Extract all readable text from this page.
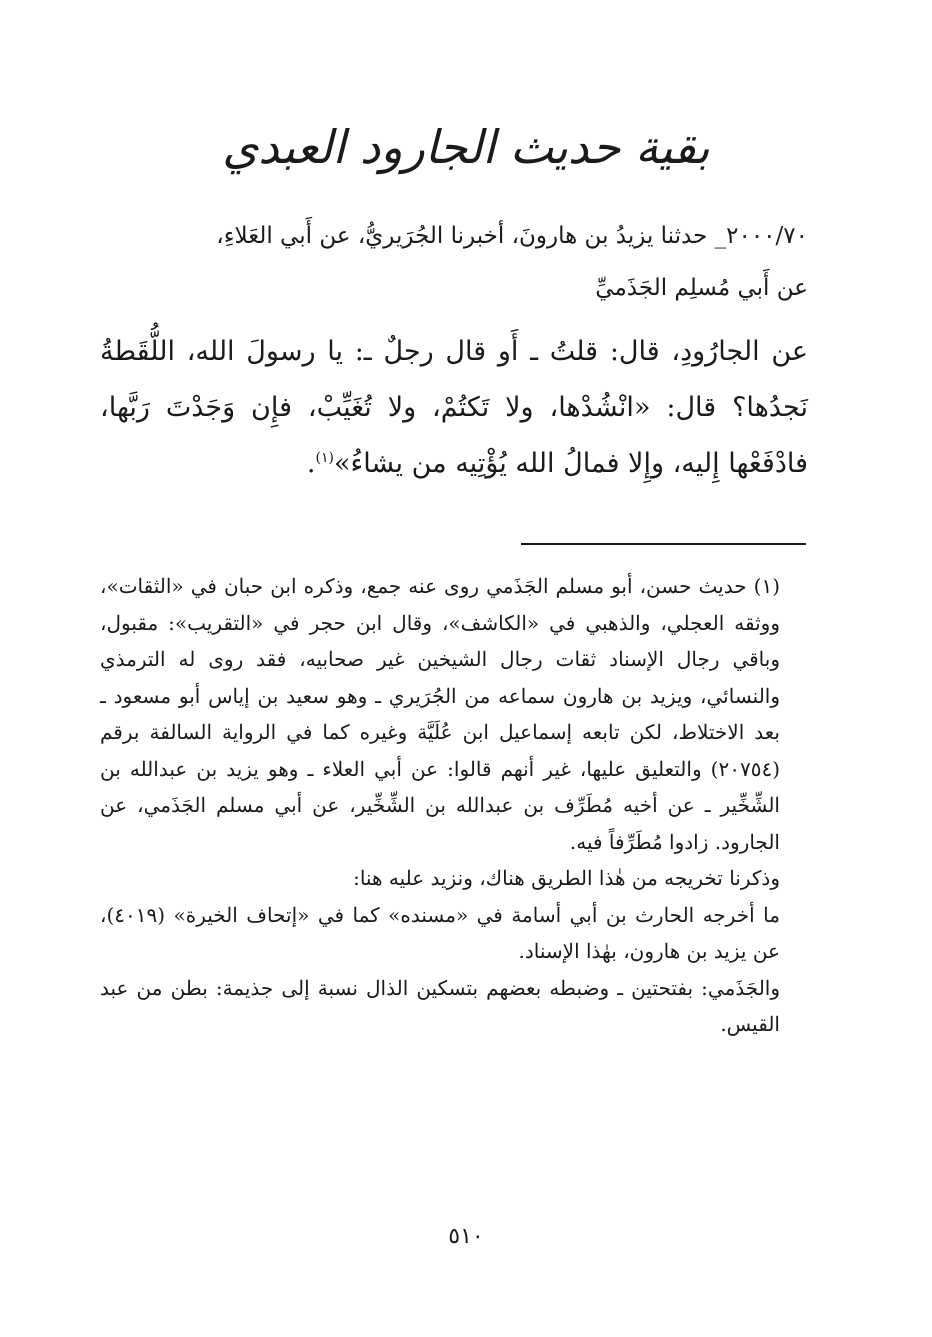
بقية حديث الجارود العبدي
٢٠٠٠/٧٠_ حدثنا يزيدُ بن هارونَ، أخبرنا الجُرَيريُّ، عن أَبي العَلاءِ،
عن أَبي مُسلِم الجَذَميِّ

عن الجارُودِ، قال: قلتُ ـ أَو قال رجلٌ ـ: يا رسولَ الله، اللُّقَطةُ نَجدُها؟ قال: «انْشُدْها، ولا تَكتُمْ، ولا تُغَيِّبْ، فإِن وَجَدْتَ رَبَّها، فادْفَعْها إِليه، وإِلا فمالُ الله يُؤْتِيه من يشاءُ»$^{(١)}$.

(١) حديث حسن، أبو مسلم الجَذَمي روى عنه جمع، وذكره ابن حبان في «الثقات»، ووثقه العجلي، والذهبي في «الكاشف»، وقال ابن حجر في «التقريب»: مقبول، وباقي رجال الإسناد ثقات رجال الشيخين غير صحابيه، فقد روى له الترمذي والنسائي، ويزيد بن هارون سماعه من الجُرَيري ـ وهو سعيد بن إياس أبو مسعود ـ بعد الاختلاط، لكن تابعه إسماعيل ابن عُلَيَّة وغيره كما في الرواية السالفة برقم (٢٠٧٥٤) والتعليق عليها، غير أنهم قالوا: عن أبي العلاء ـ وهو يزيد بن عبدالله بن الشِّخِّير ـ عن أخيه مُطَرِّف بن عبدالله بن الشِّخِّير، عن أبي مسلم الجَذَمي، عن الجارود. زادوا مُطَرِّفاً فيه.

وذكرنا تخريجه من هٰذا الطريق هناك، ونزيد عليه هنا:

ما أخرجه الحارث بن أبي أسامة في «مسنده» كما في «إتحاف الخيرة» (٤٠١٩)، عن يزيد بن هارون، بهٰذا الإسناد.

والجَذَمي: بفتحتين ـ وضبطه بعضهم بتسكين الذال نسبة إلى جذيمة: بطن من عبد القيس.

٥١٠
